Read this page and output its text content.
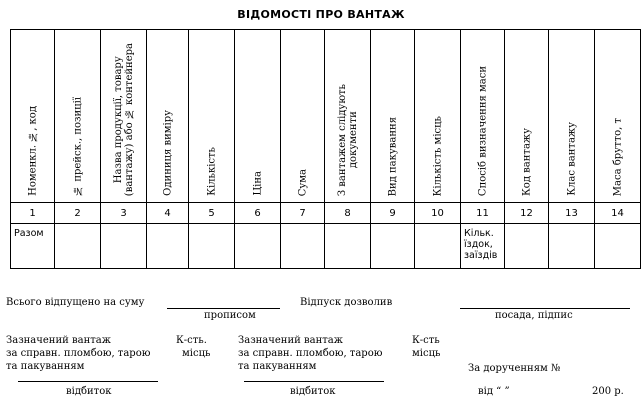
ВІДОМОСТІ ПРО ВАНТАЖ
Номенкл. №, код	№ прейск., позиції	Назва продукції, товару
(вантажу) або № контейнера	Одиниця виміру	Кількість	Ціна	Сума	З вантажем слідують
документи	Вид пакування	Кількість місць	Спосіб визначення маси	Код вантажу	Клас вантажу	Маса брутто, т

1	2	3	4	5	6	7	8	9	10	11	12	13	14

Разом										Кільк.
їздок,
заїздів			

Всього відпущено на суму
прописом
Відпуск дозволив
посада, підпис
Зазначений вантаж
за справн. пломбою, тарою
та пакуванням
К-сть.
місць
відбиток
Зазначений вантаж
за справн. пломбою, тарою
та пакуванням
К-сть
місць
відбиток
За дорученням №
від “ ”	200 р.
